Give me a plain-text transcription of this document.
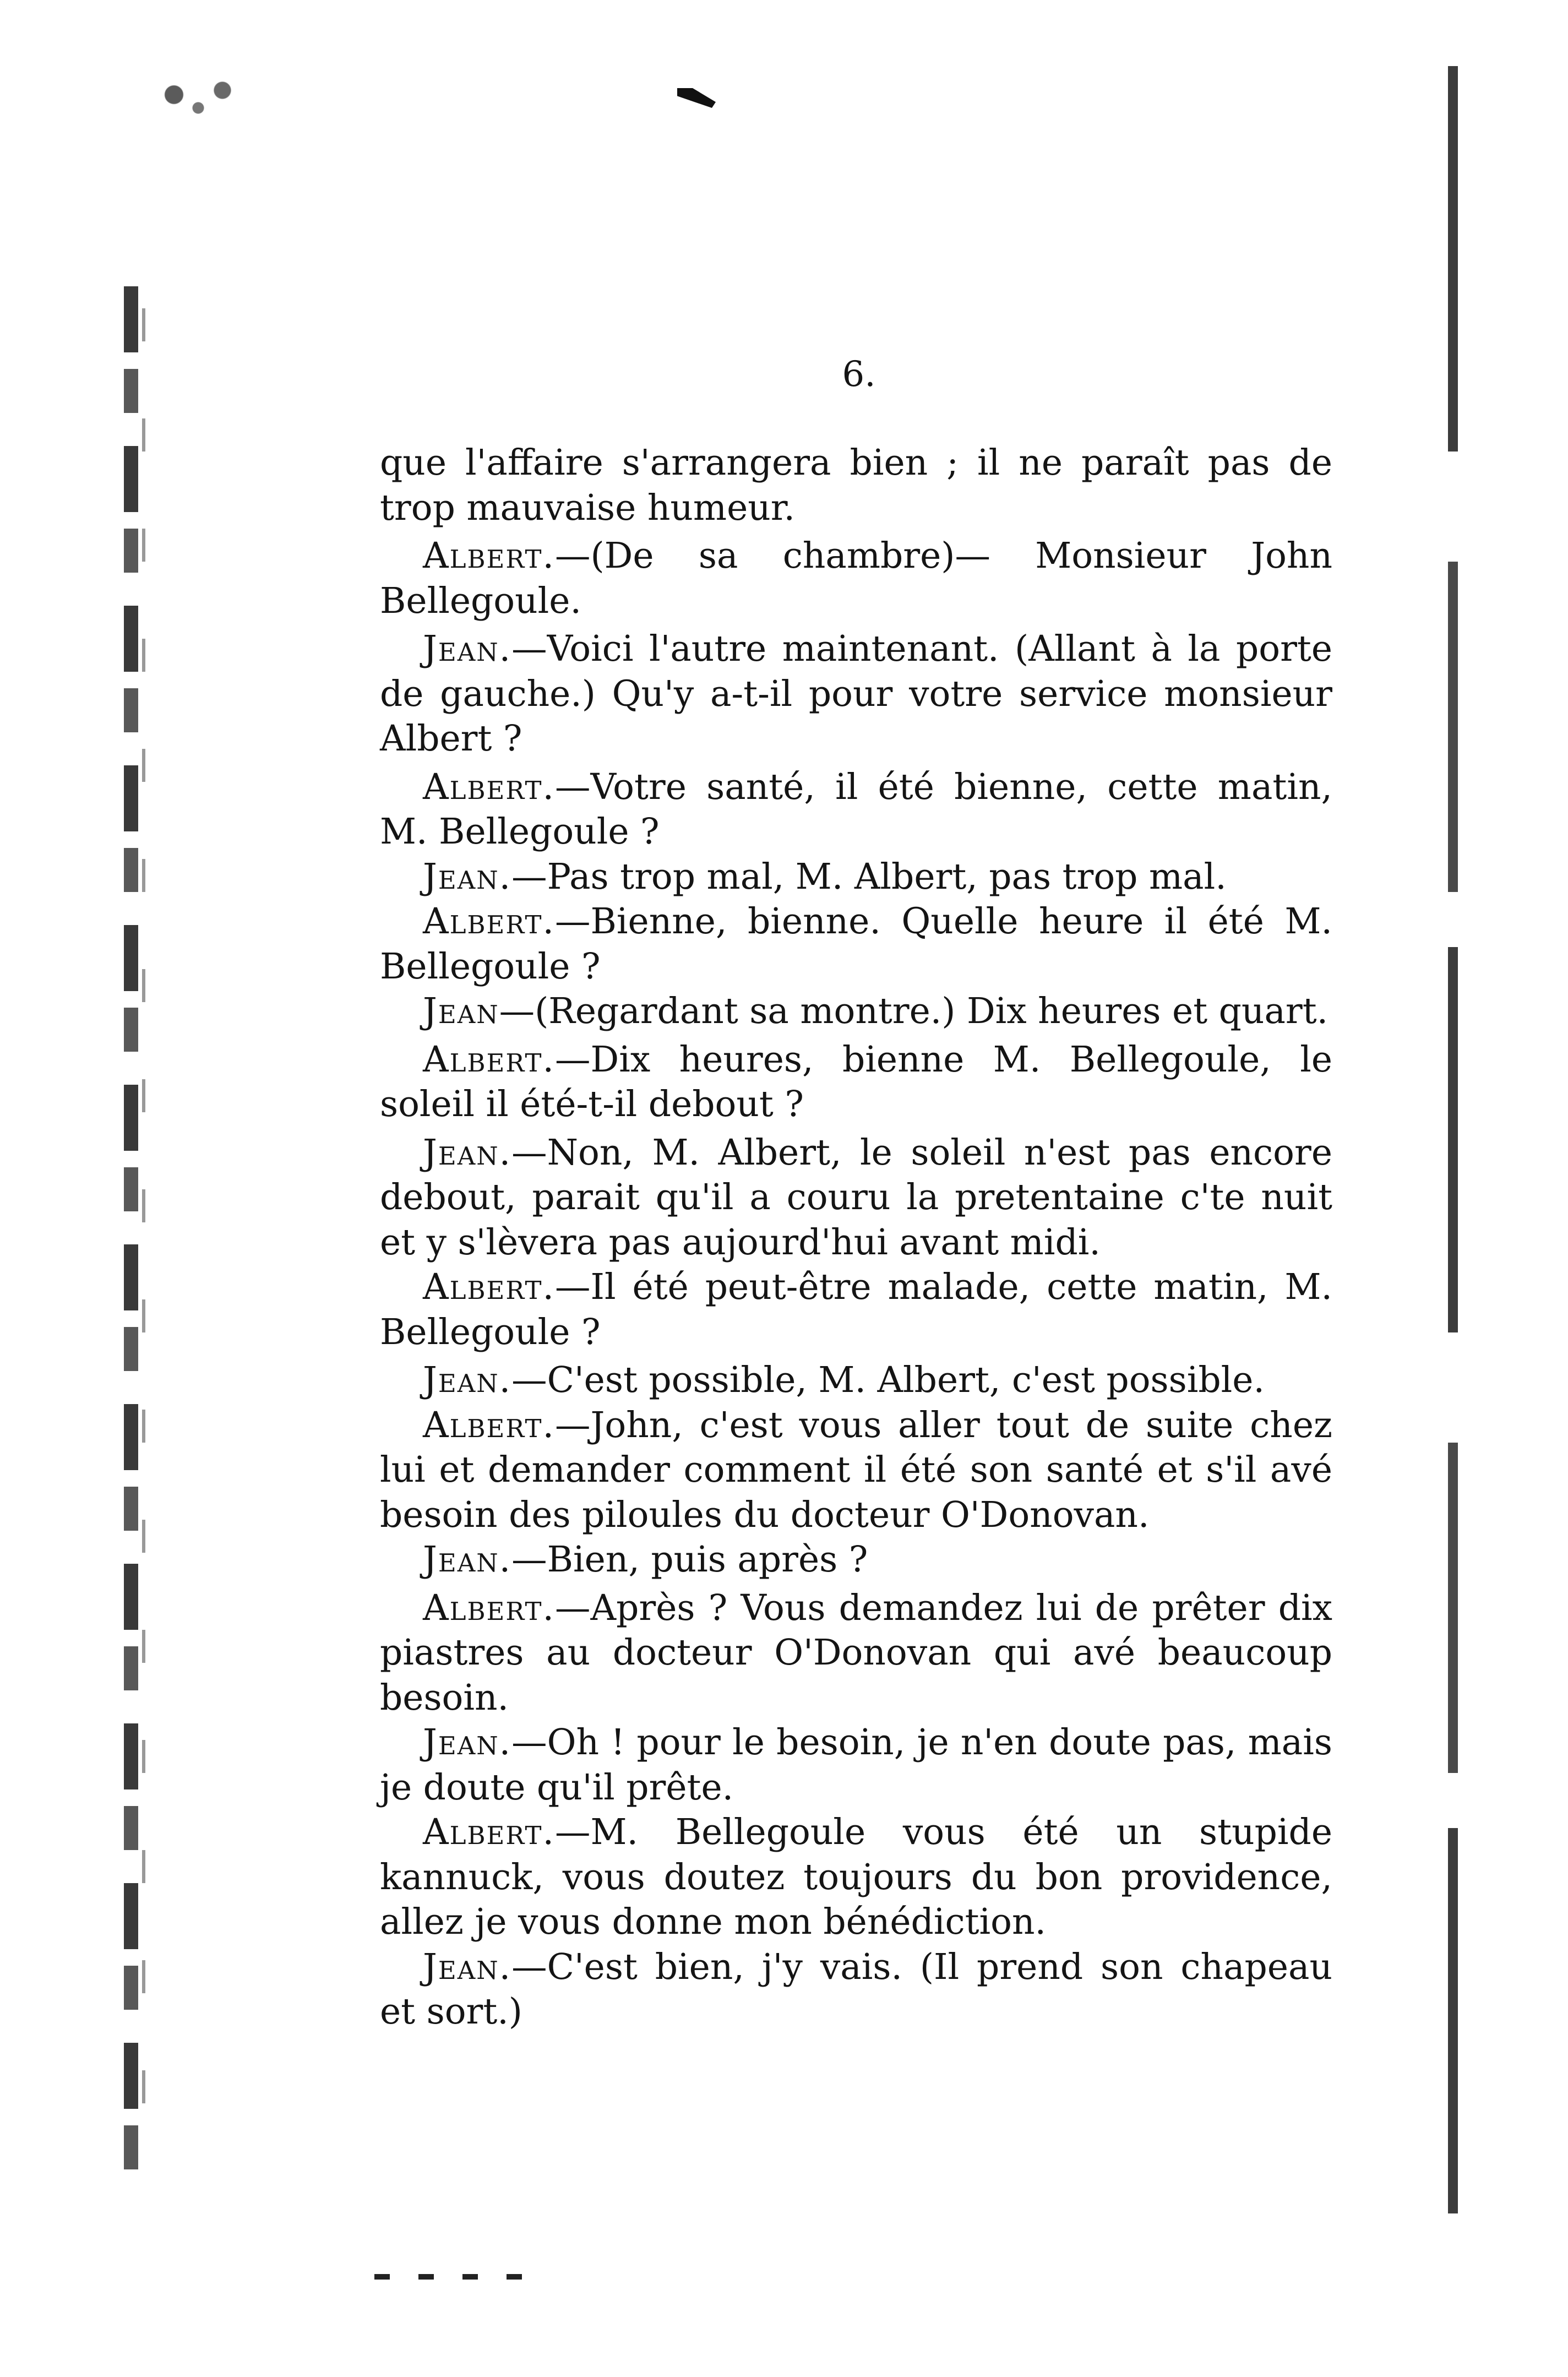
6.

que l'affaire s'arrangera bien ; il ne paraît pas de trop mauvaise humeur.

Albert.—(De sa chambre)— Monsieur John Bellegoule.

Jean.—Voici l'autre maintenant. (Allant à la porte de gauche.) Qu'y a-t-il pour votre service monsieur Albert ?

Albert.—Votre santé, il été bienne, cette matin, M. Bellegoule ?

Jean.—Pas trop mal, M. Albert, pas trop mal.

Albert.—Bienne, bienne. Quelle heure il été M. Bellegoule ?

Jean—(Regardant sa montre.) Dix heures et quart.

Albert.—Dix heures, bienne M. Bellegoule, le soleil il été-t-il debout ?

Jean.—Non, M. Albert, le soleil n'est pas encore debout, parait qu'il a couru la pretentaine c'te nuit et y s'lèvera pas aujourd'hui avant midi.

Albert.—Il été peut-être malade, cette matin, M. Bellegoule ?

Jean.—C'est possible, M. Albert, c'est possible.

Albert.—John, c'est vous aller tout de suite chez lui et demander comment il été son santé et s'il avé besoin des piloules du docteur O'Donovan.

Jean.—Bien, puis après ?

Albert.—Après ? Vous demandez lui de prêter dix piastres au docteur O'Donovan qui avé beaucoup besoin.

Jean.—Oh ! pour le besoin, je n'en doute pas, mais je doute qu'il prête.

Albert.—M. Bellegoule vous été un stupide kannuck, vous doutez toujours du bon providence, allez je vous donne mon bénédiction.

Jean.—C'est bien, j'y vais. (Il prend son chapeau et sort.)
